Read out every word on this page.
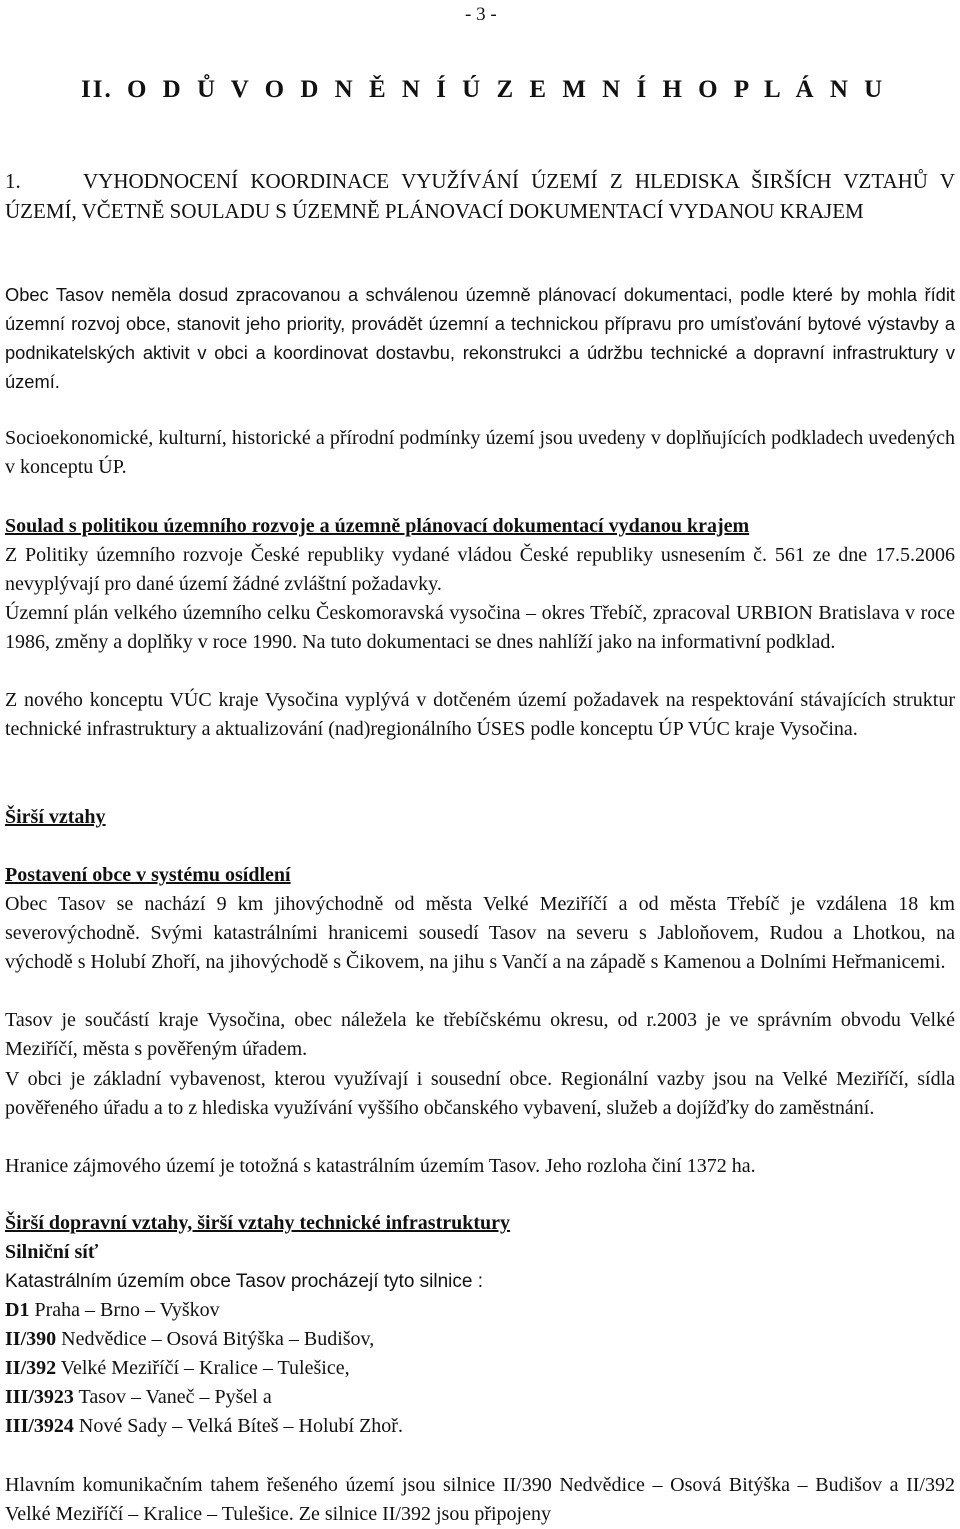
- 3 -
II. O D Ů V O D N Ě N Í Ú Z E M N Í H O P L Á N U
1.	VYHODNOCENÍ KOORDINACE VYUŽÍVÁNÍ ÚZEMÍ Z HLEDISKA ŠIRŠÍCH VZTAHŮ V ÚZEMÍ, VČETNĚ SOULADU S ÚZEMNĚ PLÁNOVACÍ DOKUMENTACÍ VYDANOU KRAJEM

Obec Tasov neměla dosud zpracovanou a schválenou územně plánovací dokumentaci, podle které by mohla řídit územní rozvoj obce, stanovit jeho priority, provádět územní a technickou přípravu pro umísťování bytové výstavby a podnikatelských aktivit v obci a koordinovat dostavbu, rekonstrukci a údržbu technické a dopravní infrastruktury v území.

Socioekonomické, kulturní, historické a přírodní podmínky území jsou uvedeny v doplňujících podkladech uvedených v konceptu ÚP.

Soulad s politikou územního rozvoje a územně plánovací dokumentací vydanou krajem

Z Politiky územního rozvoje České republiky vydané vládou České republiky usnesením č. 561 ze dne 17.5.2006 nevyplývají pro dané území žádné zvláštní požadavky.

Územní plán velkého územního celku Českomoravská vysočina – okres Třebíč, zpracoval URBION Bratislava v roce 1986, změny a doplňky v roce 1990. Na tuto dokumentaci se dnes nahlíží jako na informativní podklad.

Z nového konceptu VÚC kraje Vysočina vyplývá v dotčeném území požadavek na respektování stávajících struktur technické infrastruktury a aktualizování (nad)regionálního ÚSES podle konceptu ÚP VÚC kraje Vysočina.

Širší vztahy

Postavení obce v systému osídlení

Obec Tasov se nachází 9 km jihovýchodně od města Velké Meziříčí a od města Třebíč je vzdálena 18 km severovýchodně. Svými katastrálními hranicemi sousedí Tasov na severu s Jabloňovem, Rudou a Lhotkou, na východě s Holubí Zhoří, na jihovýchodě s Čikovem, na jihu s Vančí a na západě s Kamenou a Dolními Heřmanicemi.

Tasov je součástí kraje Vysočina, obec náležela ke třebíčskému okresu, od r.2003 je ve správním obvodu Velké Meziříčí, města s pověřeným úřadem.

V obci je základní vybavenost, kterou využívají i sousední obce. Regionální vazby jsou na Velké Meziříčí, sídla pověřeného úřadu a to z hlediska využívání vyššího občanského vybavení, služeb a dojížďky do zaměstnání.

Hranice zájmového území je totožná s katastrálním územím Tasov. Jeho rozloha činí 1372 ha.

Širší dopravní vztahy, širší vztahy technické infrastruktury

Silniční síť

Katastrálním územím obce Tasov procházejí tyto silnice :

D1 Praha – Brno – Vyškov
II/390 Nedvědice – Osová Bitýška – Budišov,
II/392 Velké Meziříčí – Kralice – Tulešice,
III/3923 Tasov – Vaneč – Pyšel a
III/3924 Nové Sady – Velká Bíteš – Holubí Zhoř.

Hlavním komunikačním tahem řešeného území jsou silnice II/390 Nedvědice – Osová Bitýška – Budišov a II/392 Velké Meziříčí – Kralice – Tulešice. Ze silnice II/392 jsou připojeny
